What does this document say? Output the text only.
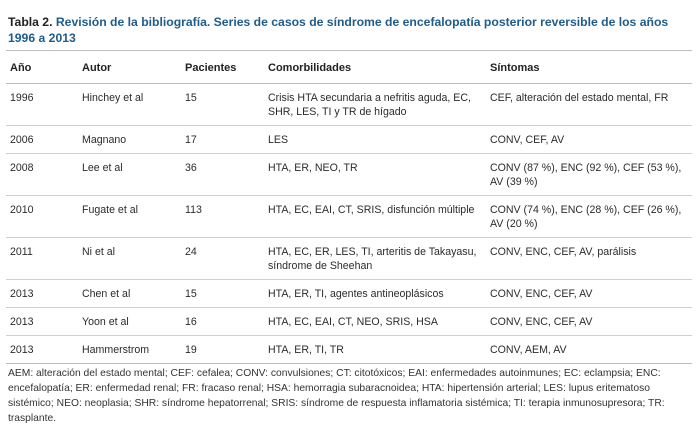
Tabla 2. Revisión de la bibliografía. Series de casos de síndrome de encefalopatía posterior reversible de los años 1996 a 2013
Año	Autor	Pacientes	Comorbilidades	Síntomas
1996	Hinchey et al	15	Crisis HTA secundaria a nefritis aguda, EC, SHR, LES, TI y TR de hígado	CEF, alteración del estado mental, FR
2006	Magnano	17	LES	CONV, CEF, AV
2008	Lee et al	36	HTA, ER, NEO, TR	CONV (87 %), ENC (92 %), CEF (53 %), AV (39 %)
2010	Fugate et al	113	HTA, EC, EAI, CT, SRIS, disfunción múltiple	CONV (74 %), ENC (28 %), CEF (26 %), AV (20 %)
2011	Ni et al	24	HTA, EC, ER, LES, TI, arteritis de Takayasu, síndrome de Sheehan	CONV, ENC, CEF, AV, parálisis
2013	Chen et al	15	HTA, ER, TI, agentes antineoplásicos	CONV, ENC, CEF, AV
2013	Yoon et al	16	HTA, EC, EAI, CT, NEO, SRIS, HSA	CONV, ENC, CEF, AV
2013	Hammerstrom	19	HTA, ER, TI, TR	CONV, AEM, AV
AEM: alteración del estado mental; CEF: cefalea; CONV: convulsiones; CT: citotóxicos; EAI: enfermedades autoinmunes; EC: eclampsia; ENC: encefalopatía; ER: enfermedad renal; FR: fracaso renal; HSA: hemorragia subaracnoidea; HTA: hipertensión arterial; LES: lupus eritematoso sistémico; NEO: neoplasia; SHR: síndrome hepatorrenal; SRIS: síndrome de respuesta inflamatoria sistémica; TI: terapia inmunosupresora; TR: trasplante.
